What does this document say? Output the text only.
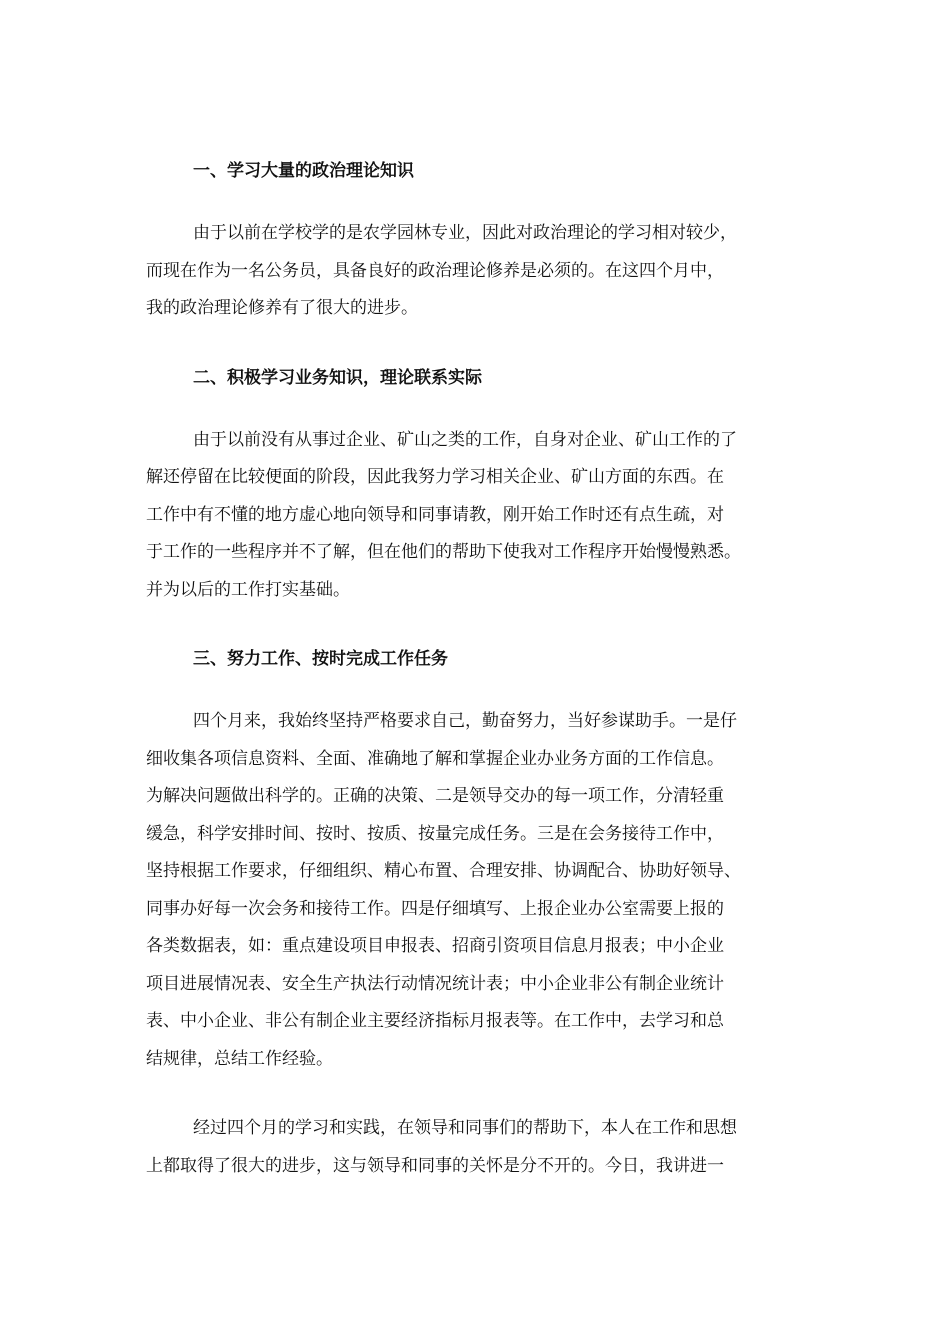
一、学习大量的政治理论知识

由于以前在学校学的是农学园林专业，因此对政治理论的学习相对较少，
而现在作为一名公务员，具备良好的政治理论修养是必须的。在这四个月中，
我的政治理论修养有了很大的进步。

二、积极学习业务知识，理论联系实际

由于以前没有从事过企业、矿山之类的工作，自身对企业、矿山工作的了
解还停留在比较便面的阶段，因此我努力学习相关企业、矿山方面的东西。在
工作中有不懂的地方虚心地向领导和同事请教，刚开始工作时还有点生疏，对
于工作的一些程序并不了解，但在他们的帮助下使我对工作程序开始慢慢熟悉。
并为以后的工作打实基础。

三、努力工作、按时完成工作任务

四个月来，我始终坚持严格要求自己，勤奋努力，当好参谋助手。一是仔
细收集各项信息资料、全面、准确地了解和掌握企业办业务方面的工作信息。
为解决问题做出科学的。正确的决策、二是领导交办的每一项工作，分清轻重
缓急，科学安排时间、按时、按质、按量完成任务。三是在会务接待工作中，
坚持根据工作要求，仔细组织、精心布置、合理安排、协调配合、协助好领导、
同事办好每一次会务和接待工作。四是仔细填写、上报企业办公室需要上报的
各类数据表，如：重点建设项目申报表、招商引资项目信息月报表；中小企业
项目进展情况表、安全生产执法行动情况统计表；中小企业非公有制企业统计
表、中小企业、非公有制企业主要经济指标月报表等。在工作中，去学习和总
结规律，总结工作经验。

经过四个月的学习和实践，在领导和同事们的帮助下，本人在工作和思想
上都取得了很大的进步，这与领导和同事的关怀是分不开的。今日，我讲进一
